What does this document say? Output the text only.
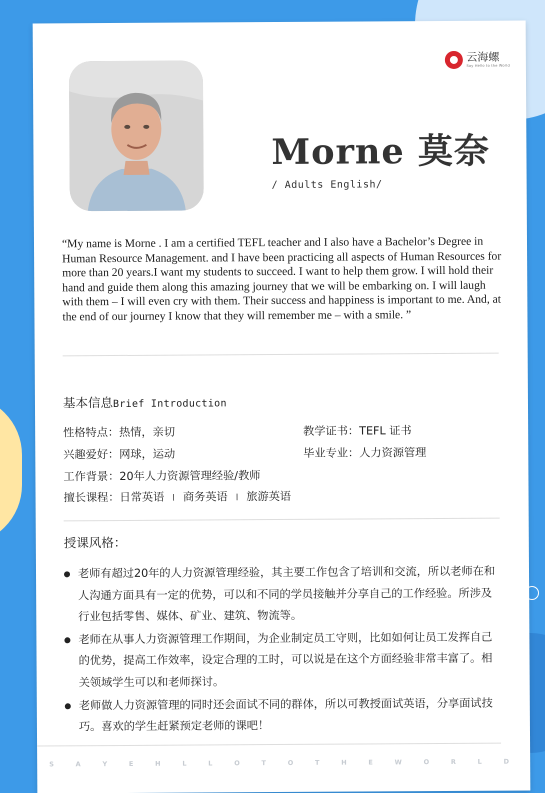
云海螺
Say Hello to the World
Morne 莫奈
/ Adults English/

“My name is Morne . I am a certified TEFL teacher and I also have a Bachelor’s Degree in Human Resource Management. and I have been practicing all aspects of Human Resources for more than 20 years.I want my students to succeed. I want to help them grow. I will hold their hand and guide them along this amazing journey that we will be embarking on. I will laugh with them – I will even cry with them. Their success and happiness is important to me. And, at the end of our journey I know that they will remember me – with a smile. ”

基本信息Brief Introduction
性格特点：热情，亲切	教学证书：TEFL 证书
兴趣爱好：网球，运动	毕业专业：人力资源管理
工作背景：20年人力资源管理经验/教师
擅长课程：日常英语 I 商务英语 I 旅游英语
授课风格：
老师有超过20年的人力资源管理经验，其主要工作包含了培训和交流，所以老师在和人沟通方面具有一定的优势，可以和不同的学员接触并分享自己的工作经验。所涉及行业包括零售、媒体、矿业、建筑、物流等。
老师在从事人力资源管理工作期间，为企业制定员工守则，比如如何让员工发挥自己的优势，提高工作效率，设定合理的工时，可以说是在这个方面经验非常丰富了。相关领域学生可以和老师探讨。
老师做人力资源管理的同时还会面试不同的群体，所以可教授面试英语，分享面试技巧。喜欢的学生赶紧预定老师的课吧！
S	A	Y	E	H	L	L	O	T	O	T	H	E	W	O	R	L	D
